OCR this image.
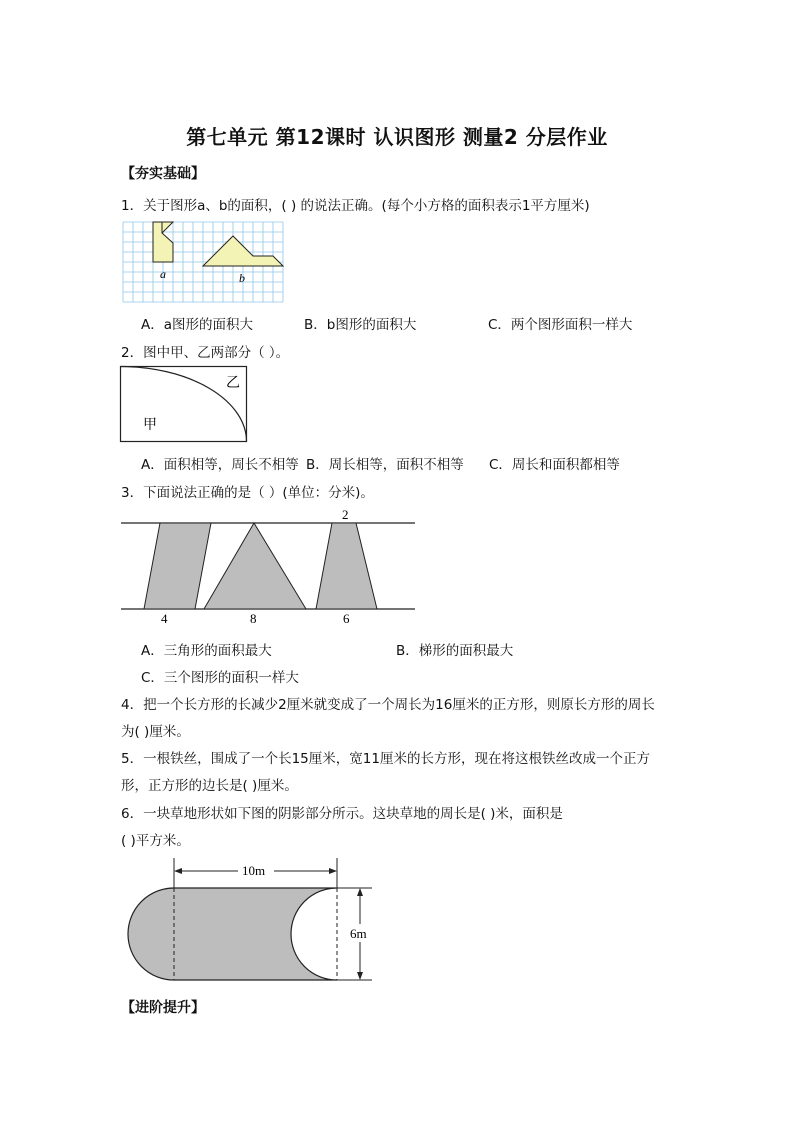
第七单元 第12课时 认识图形 测量2 分层作业
【夯实基础】
1．关于图形a、b的面积，( ) 的说法正确。(每个小方格的面积表示1平方厘米)
a	b
A．a图形的面积大	B．b图形的面积大	C．两个图形面积一样大
2．图中甲、乙两部分（ ）。
乙
甲
A．面积相等，周长不相等 B．周长相等，面积不相等 C．周长和面积都相等
3．下面说法正确的是（ ）(单位：分米)。
2
4	8	6
A．三角形的面积最大	B．梯形的面积最大
C．三个图形的面积一样大
4．把一个长方形的长减少2厘米就变成了一个周长为16厘米的正方形，则原长方形的周长
为( )厘米。
5．一根铁丝，围成了一个长15厘米，宽11厘米的长方形，现在将这根铁丝改成一个正方
形，正方形的边长是( )厘米。
6．一块草地形状如下图的阴影部分所示。这块草地的周长是( )米，面积是
( )平方米。
10m
6m
【进阶提升】
